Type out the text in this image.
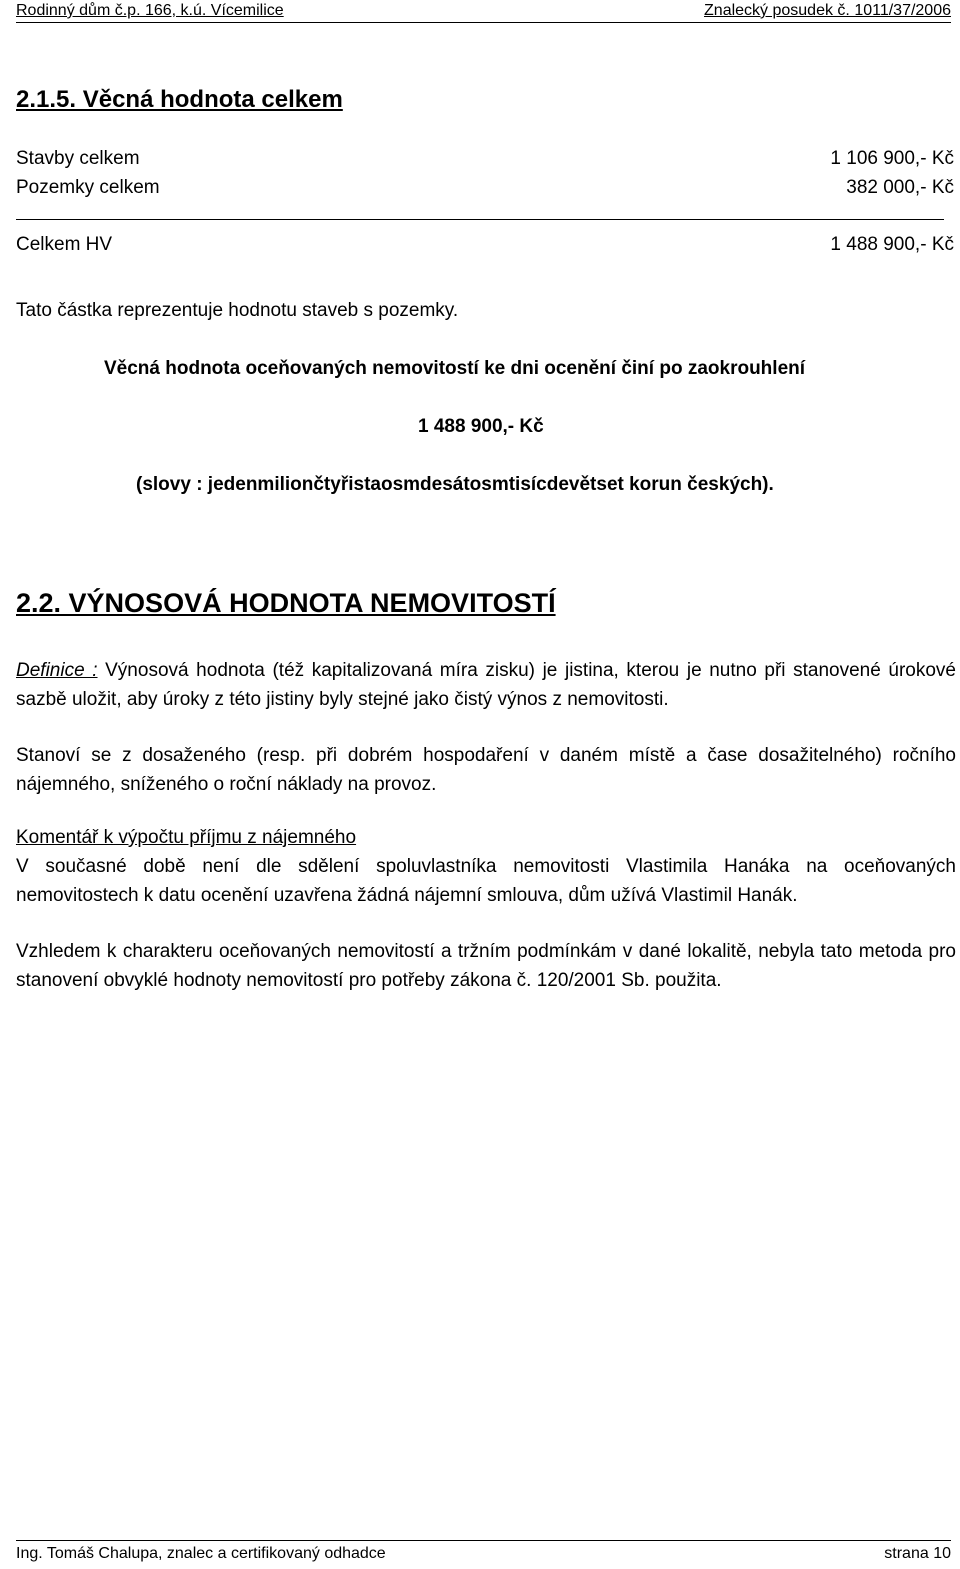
Rodinný dům č.p. 166, k.ú. Vícemilice	Znalecký posudek č. 1011/37/2006
2.1.5. Věcná hodnota celkem
Stavby celkem	1 106 900,- Kč
Pozemky celkem	382 000,- Kč
Celkem HV	1 488 900,- Kč
Tato částka reprezentuje hodnotu staveb s pozemky.
Věcná hodnota oceňovaných nemovitostí ke dni ocenění činí po zaokrouhlení
1 488 900,- Kč
(slovy : jedenmiliončtyřistaosmdesátosmtisícdevětset korun českých).
2.2. VÝNOSOVÁ HODNOTA NEMOVITOSTÍ
Definice : Výnosová hodnota (též kapitalizovaná míra zisku) je jistina, kterou je nutno při stanovené úrokové sazbě uložit, aby úroky z této jistiny byly stejné jako čistý výnos z nemovitosti.
Stanoví se z dosaženého (resp. při dobrém hospodaření v daném místě a čase dosažitelného) ročního nájemného, sníženého o roční náklady na provoz.
Komentář k výpočtu příjmu z nájemného
V současné době není dle sdělení spoluvlastníka nemovitosti Vlastimila Hanáka na oceňovaných nemovitostech k datu ocenění uzavřena žádná nájemní smlouva, dům užívá Vlastimil Hanák.
Vzhledem k charakteru oceňovaných nemovitostí a tržním podmínkám v dané lokalitě, nebyla tato metoda pro stanovení obvyklé hodnoty nemovitostí pro potřeby zákona č. 120/2001 Sb. použita.
Ing. Tomáš Chalupa, znalec a certifikovaný odhadce	strana 10
